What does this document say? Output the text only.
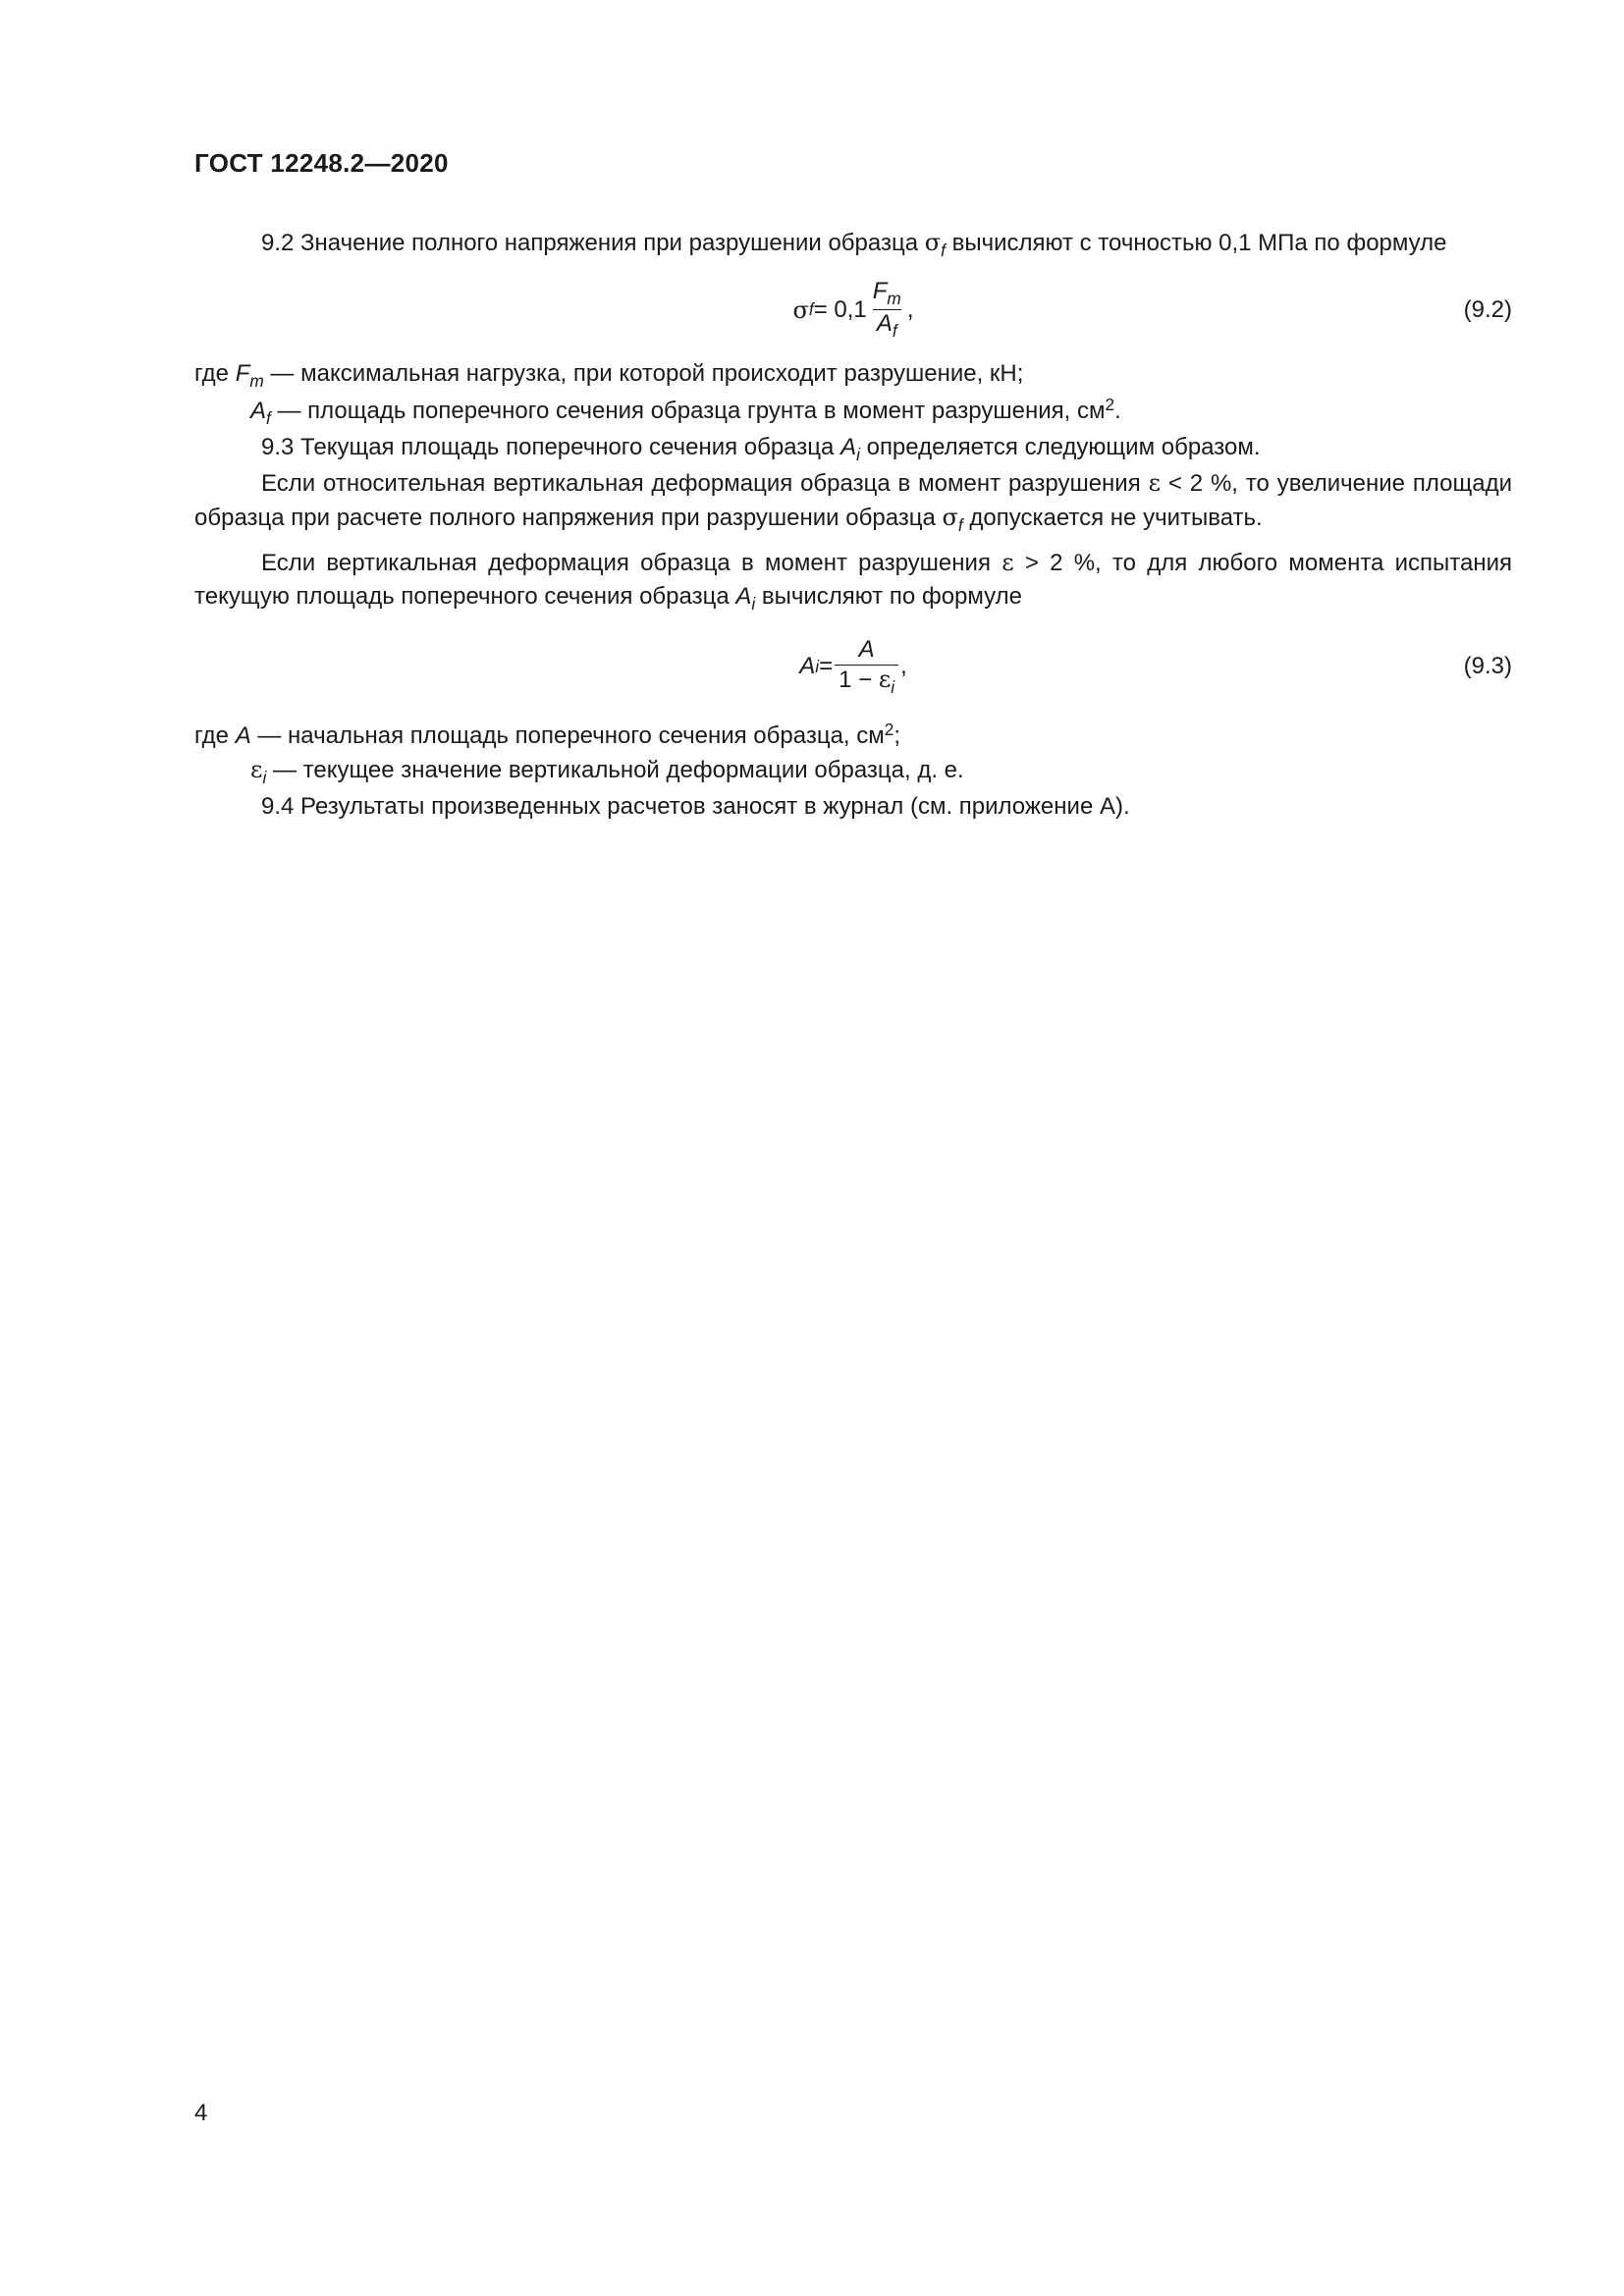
ГОСТ 12248.2—2020

9.2 Значение полного напряжения при разрушении образца $\sigma_f$ вычисляют с точностью 0,1 МПа по формуле

σ $f = 0,1 \frac{F_m}{A_f}$ ,	(9.2)
где $F_m$ — максимальная нагрузка, при которой происходит разрушение, кН;
$A_f$ — площадь поперечного сечения образца грунта в момент разрушения, $см^2$.

9.3 Текущая площадь поперечного сечения образца $A_i$ определяется следующим образом.

Если относительная вертикальная деформация образца в момент разрушения ε < 2 %, то увеличение площади образца при расчете полного напряжения при разрушении образца $\sigma_f$ допускается не учитывать.

Если вертикальная деформация образца в момент разрушения ε > 2 %, то для любого момента испытания текущую площадь поперечного сечения образца $A_i$ вычисляют по формуле

A $i = \frac{A}{1 - \varepsilon_i}$ ,	(9.3)
где A — начальная площадь поперечного сечения образца, $см^2$;
$\varepsilon_i$ — текущее значение вертикальной деформации образца, д. е.

9.4 Результаты произведенных расчетов заносят в журнал (см. приложение А).

4
